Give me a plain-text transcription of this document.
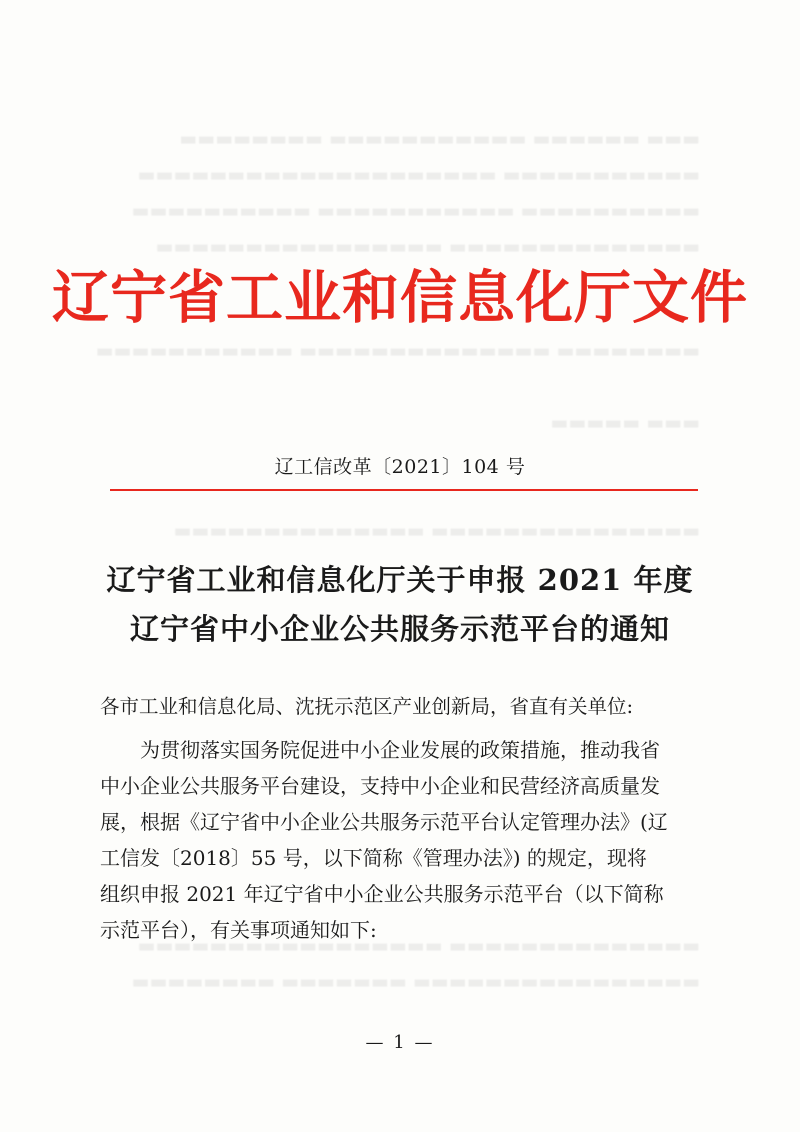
▬▬▬ ▬▬▬▬▬▬ ▬▬▬▬▬▬▬▬▬▬▬ ▬▬▬▬▬▬▬▬
▬▬▬▬▬▬▬▬▬▬▬ ▬▬▬▬▬▬▬▬▬▬▬▬▬▬▬▬▬▬▬▬
▬▬▬▬▬▬▬▬▬▬ ▬▬▬▬▬▬▬▬▬▬▬ ▬▬▬▬▬▬▬▬▬▬
▬▬▬▬▬▬▬▬▬▬▬▬▬▬ ▬▬▬▬▬▬▬▬▬▬▬▬▬▬▬▬
▬▬▬▬▬▬▬▬ ▬▬▬▬▬▬▬▬▬▬▬▬▬▬ ▬▬▬▬▬▬▬▬▬▬▬
▬▬▬ ▬▬▬▬▬
▬▬▬▬▬▬▬▬▬▬▬▬▬▬▬ ▬▬▬▬▬▬▬▬▬▬▬▬▬▬
▬▬▬▬▬▬▬▬▬▬▬▬▬▬ ▬▬▬▬▬▬▬▬▬▬▬▬▬▬▬▬▬
▬▬▬▬▬▬▬▬▬▬▬▬▬▬▬▬ ▬▬▬▬▬▬▬ ▬▬▬▬▬▬▬▬
辽宁省工业和信息化厅文件
辽工信改革〔2021〕104 号
辽宁省工业和信息化厅关于申报 2021 年度
辽宁省中小企业公共服务示范平台的通知
各市工业和信息化局、沈抚示范区产业创新局，省直有关单位:
为贯彻落实国务院促进中小企业发展的政策措施，推动我省
中小企业公共服务平台建设，支持中小企业和民营经济高质量发
展，根据《辽宁省中小企业公共服务示范平台认定管理办法》(辽
工信发〔2018〕55 号，以下简称《管理办法》) 的规定，现将
组织申报 2021 年辽宁省中小企业公共服务示范平台（以下简称
示范平台），有关事项通知如下:
— 1 —
